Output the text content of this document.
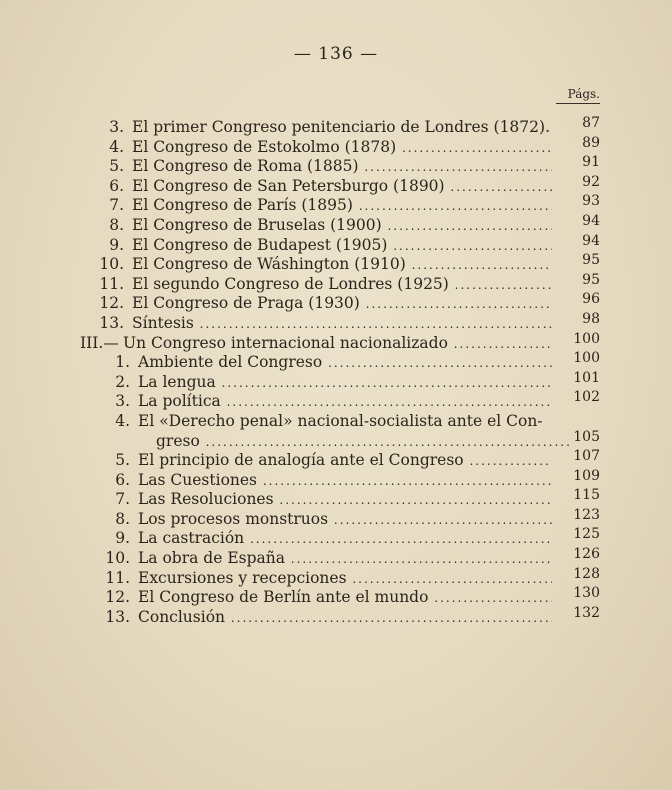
— 136 —
Págs.
3. El primer Congreso penitenciario de Londres (1872).	87
4. El Congreso de Estokolmo (1878) .....	89
5. El Congreso de Roma (1885) .....	91
6. El Congreso de San Petersburgo (1890) .....	92
7. El Congreso de París (1895) .....	93
8. El Congreso de Bruselas (1900) .....	94
9. El Congreso de Budapest (1905) .....	94
10. El Congreso de Wáshington (1910) .....	95
11. El segundo Congreso de Londres (1925) .....	95
12. El Congreso de Praga (1930) .....	96
13. Síntesis .....	98
III.— Un Congreso internacional nacionalizado .....	100
1. Ambiente del Congreso .....	100
2. La lengua .....	101
3. La política .....	102
4. El «Derecho penal» nacional-socialista ante el Con-
greso .....	105
5. El principio de analogía ante el Congreso .....	107
6. Las Cuestiones .....	109
7. Las Resoluciones .....	115
8. Los procesos monstruos .....	123
9. La castración .....	125
10. La obra de España .....	126
11. Excursiones y recepciones .....	128
12. El Congreso de Berlín ante el mundo .....	130
13. Conclusión .....	132
